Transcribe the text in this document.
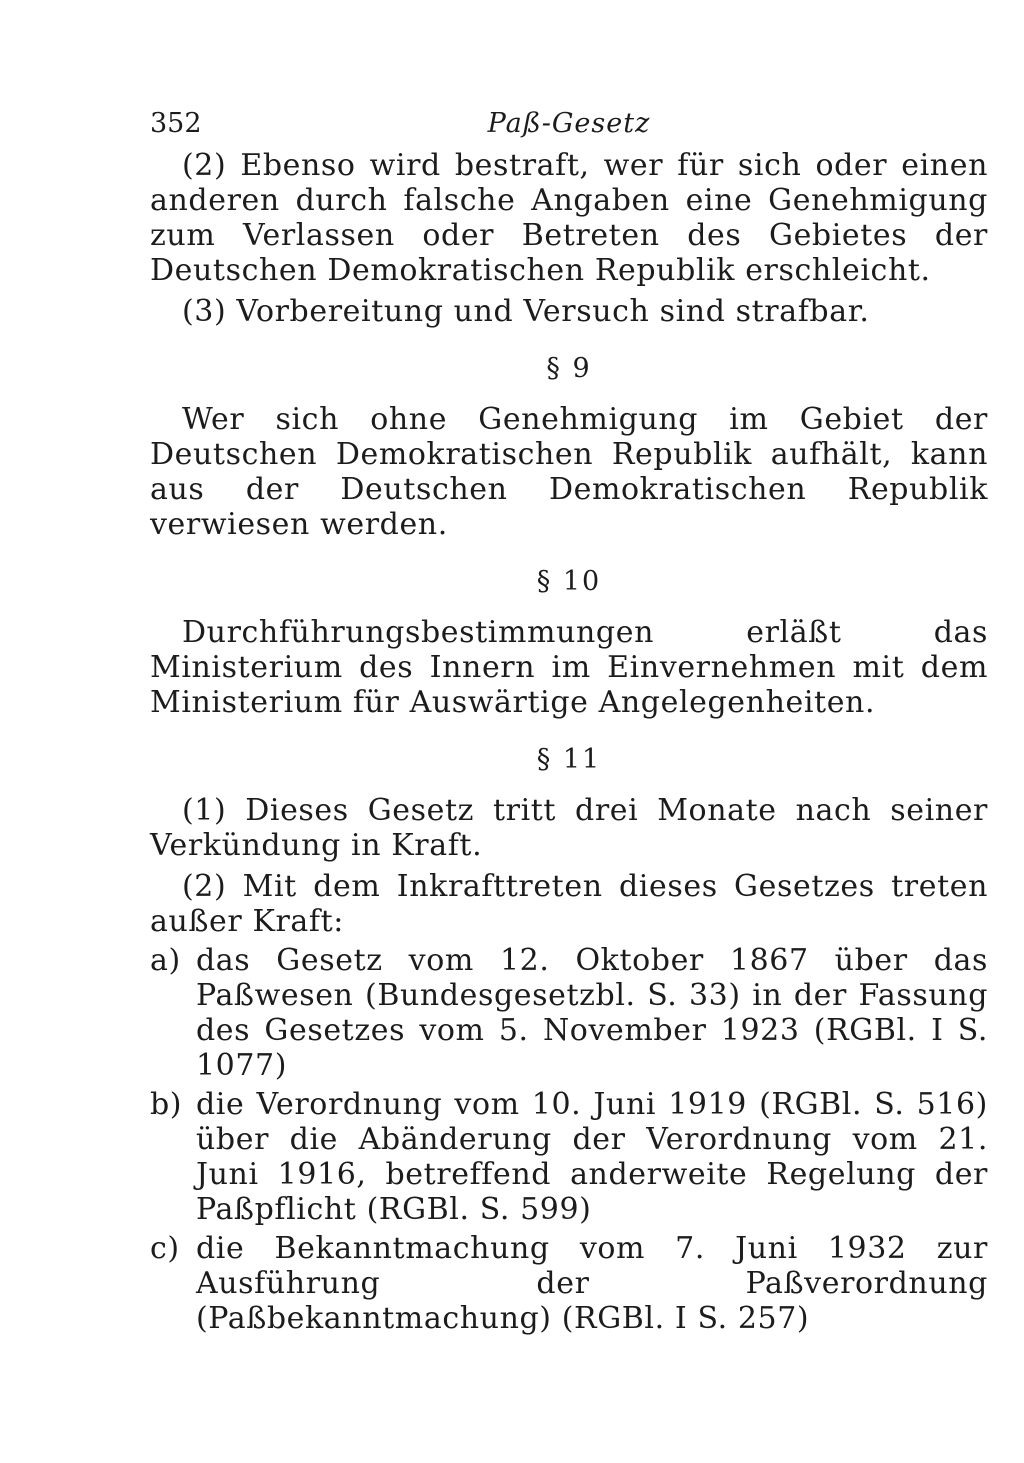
352	Paß-Gesetz

(2) Ebenso wird bestraft, wer für sich oder einen anderen durch falsche Angaben eine Genehmigung zum Verlassen oder Betreten des Gebietes der Deutschen Demokratischen Republik erschleicht.

(3) Vorbereitung und Versuch sind strafbar.

§ 9

Wer sich ohne Genehmigung im Gebiet der Deutschen Demokratischen Republik aufhält, kann aus der Deutschen Demokratischen Republik verwiesen werden.

§ 10

Durchführungsbestimmungen erläßt das Ministerium des Innern im Einvernehmen mit dem Ministerium für Auswärtige Angelegenheiten.

§ 11

(1) Dieses Gesetz tritt drei Monate nach seiner Verkündung in Kraft.

(2) Mit dem Inkrafttreten dieses Gesetzes treten außer Kraft:

a) das Gesetz vom 12. Oktober 1867 über das Paßwesen (Bundesgesetzbl. S. 33) in der Fassung des Gesetzes vom 5. November 1923 (RGBl. I S. 1077)
b) die Verordnung vom 10. Juni 1919 (RGBl. S. 516) über die Abänderung der Verordnung vom 21. Juni 1916, betreffend anderweite Regelung der Paßpflicht (RGBl. S. 599)
c) die Bekanntmachung vom 7. Juni 1932 zur Ausführung der Paßverordnung (Paßbekanntmachung) (RGBl. I S. 257)
